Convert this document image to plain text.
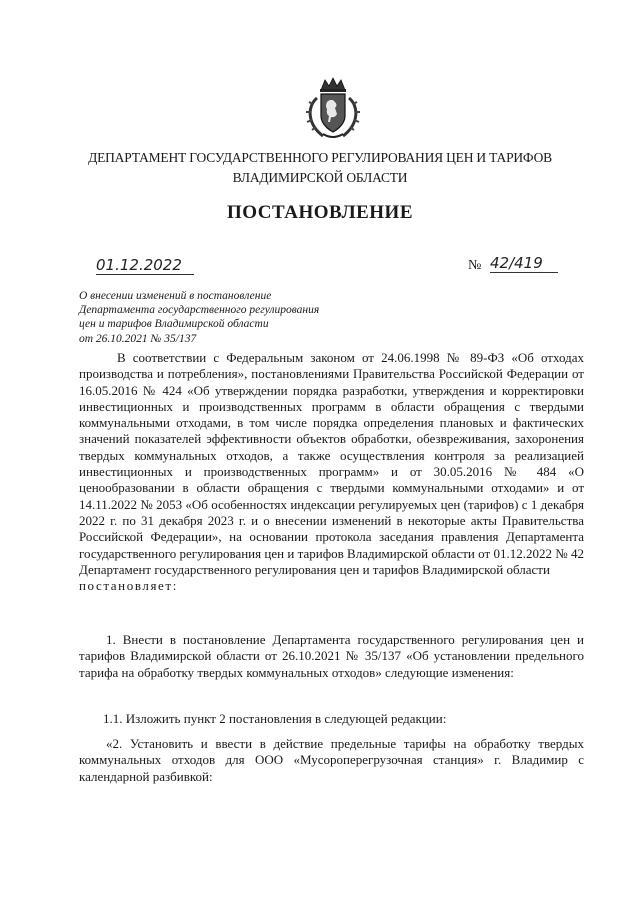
ДЕПАРТАМЕНТ ГОСУДАРСТВЕННОГО РЕГУЛИРОВАНИЯ ЦЕН И ТАРИФОВ
ВЛАДИМИРСКОЙ ОБЛАСТИ
ПОСТАНОВЛЕНИЕ
01.12.2022	№ 42/419
О внесении изменений в постановление
Департамента государственного регулирования
цен и тарифов Владимирской области
от 26.10.2021 № 35/137

В соответствии с Федеральным законом от 24.06.1998 № 89-ФЗ «Об отходах производства и потребления», постановлениями Правительства Российской Федерации от 16.05.2016 № 424 «Об утверждении порядка разработки, утверждения и корректировки инвестиционных и производственных программ в области обращения с твердыми коммунальными отходами, в том числе порядка определения плановых и фактических значений показателей эффективности объектов обработки, обезвреживания, захоронения твердых коммунальных отходов, а также осуществления контроля за реализацией инвестиционных и производственных программ» и от 30.05.2016 № 484 «О ценообразовании в области обращения с твердыми коммунальными отходами» и от 14.11.2022 № 2053 «Об особенностях индексации регулируемых цен (тарифов) с 1 декабря 2022 г. по 31 декабря 2023 г. и о внесении изменений в некоторые акты Правительства Российской Федерации», на основании протокола заседания правления Департамента государственного регулирования цен и тарифов Владимирской области от 01.12.2022 № 42 Департамент государственного регулирования цен и тарифов Владимирской области
постановляет:

1. Внести в постановление Департамента государственного регулирования цен и тарифов Владимирской области от 26.10.2021 № 35/137 «Об установлении предельного тарифа на обработку твердых коммунальных отходов» следующие изменения:

1.1. Изложить пункт 2 постановления в следующей редакции:

«2. Установить и ввести в действие предельные тарифы на обработку твердых коммунальных отходов для ООО «Мусороперегрузочная станция» г. Владимир с календарной разбивкой:
